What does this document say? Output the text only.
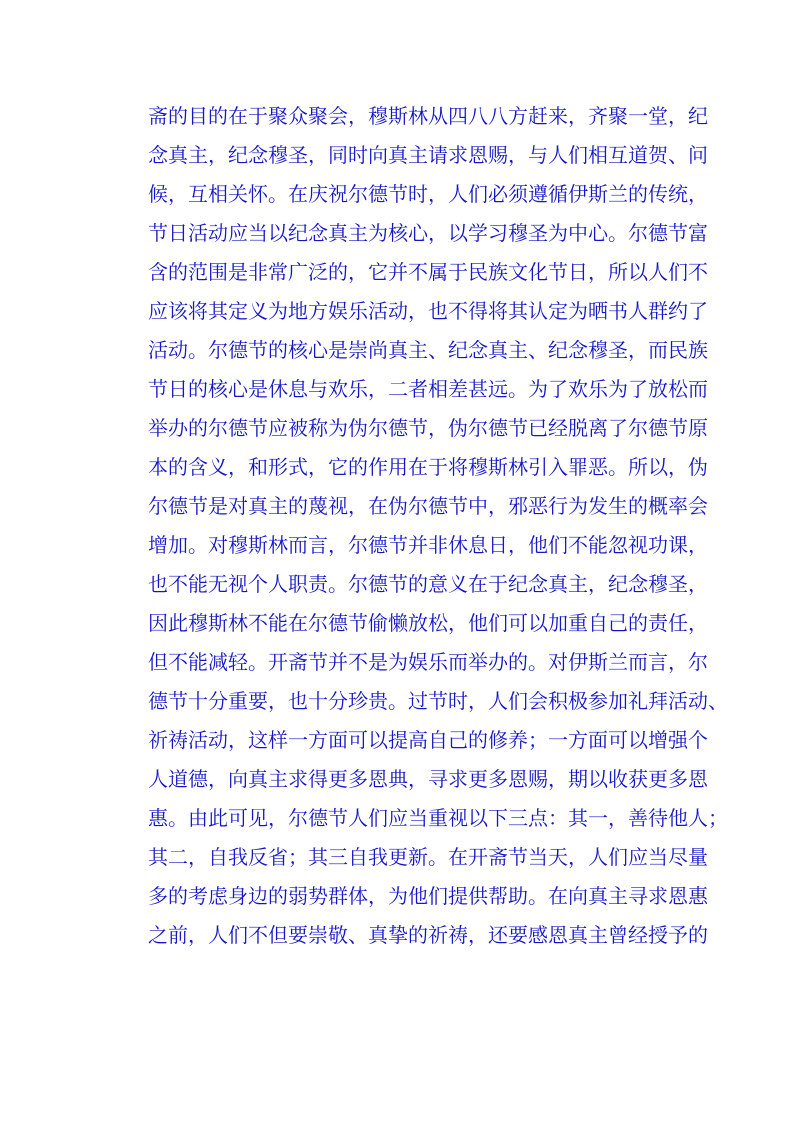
斋的目的在于聚众聚会，穆斯林从四八八方赶来，齐聚一堂，纪
念真主，纪念穆圣，同时向真主请求恩赐，与人们相互道贺、问
候，互相关怀。在庆祝尔德节时，人们必须遵循伊斯兰的传统，
节日活动应当以纪念真主为核心，以学习穆圣为中心。尔德节富
含的范围是非常广泛的，它并不属于民族文化节日，所以人们不
应该将其定义为地方娱乐活动，也不得将其认定为晒书人群约了
活动。尔德节的核心是崇尚真主、纪念真主、纪念穆圣，而民族
节日的核心是休息与欢乐，二者相差甚远。为了欢乐为了放松而
举办的尔德节应被称为伪尔德节，伪尔德节已经脱离了尔德节原
本的含义，和形式，它的作用在于将穆斯林引入罪恶。所以，伪
尔德节是对真主的蔑视，在伪尔德节中，邪恶行为发生的概率会
增加。对穆斯林而言，尔德节并非休息日，他们不能忽视功课，
也不能无视个人职责。尔德节的意义在于纪念真主，纪念穆圣，
因此穆斯林不能在尔德节偷懒放松，他们可以加重自己的责任，
但不能减轻。开斋节并不是为娱乐而举办的。对伊斯兰而言，尔
德节十分重要，也十分珍贵。过节时，人们会积极参加礼拜活动、
祈祷活动，这样一方面可以提高自己的修养；一方面可以增强个
人道德，向真主求得更多恩典，寻求更多恩赐，期以收获更多恩
惠。由此可见，尔德节人们应当重视以下三点：其一，善待他人；
其二，自我反省；其三自我更新。在开斋节当天，人们应当尽量
多的考虑身边的弱势群体，为他们提供帮助。在向真主寻求恩惠
之前，人们不但要崇敬、真挚的祈祷，还要感恩真主曾经授予的
